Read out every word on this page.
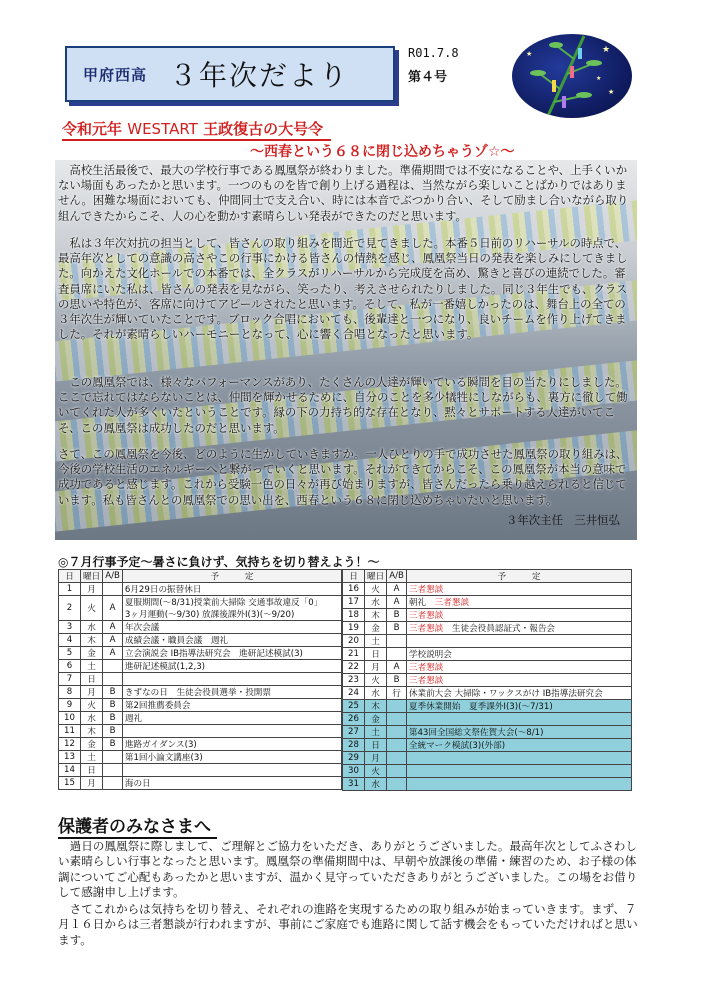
甲府西高 ３年次だより
R01.7.8
第４号
★
★
★
★
令和元年 WESTART 王政復古の大号令
～西春という６８に閉じ込めちゃうゾ☆～
　高校生活最後で、最大の学校行事である鳳凰祭が終わりました。準備期間では不安になることや、上手くいかない場面もあったかと思います。一つのものを皆で創り上げる過程は、当然ながら楽しいことばかりではありません。困難な場面においても、仲間同士で支え合い、時には本音でぶつかり合い、そして励まし合いながら取り組んできたからこそ、人の心を動かす素晴らしい発表ができたのだと思います。
　私は３年次対抗の担当として、皆さんの取り組みを間近で見てきました。本番５日前のリハーサルの時点で、最高年次としての意識の高さやこの行事にかける皆さんの情熱を感じ、鳳凰祭当日の発表を楽しみにしてきました。向かえた文化ホールでの本番では、全クラスがリハーサルから完成度を高め、驚きと喜びの連続でした。審査員席にいた私は、皆さんの発表を見ながら、笑ったり、考えさせられたりしました。同じ３年生でも、クラスの思いや特色が、客席に向けてアピールされたと思います。そして、私が一番嬉しかったのは、舞台上の全ての３年次生が輝いていたことです。ブロック合唱においても、後輩達と一つになり、良いチームを作り上げてきました。それが素晴らしいハーモニーとなって、心に響く合唱となったと思います。
　この鳳凰祭では、様々なパフォーマンスがあり、たくさんの人達が輝いている瞬間を目の当たりにしました。ここで忘れてはならないことは、仲間を輝かせるために、自分のことを多少犠牲にしながらも、裏方に徹して働いてくれた人が多くいたということです。縁の下の力持ち的な存在となり、黙々とサポートする人達がいてこそ、この鳳凰祭は成功したのだと思います。
さて、この鳳凰祭を今後、どのように生かしていきますか。一人ひとりの手で成功させた鳳凰祭の取り組みは、今後の学校生活のエネルギーへと繋がっていくと思います。それができてからこそ、この鳳凰祭が本当の意味で成功であると感じます。これから受験一色の日々が再び始まりますが、皆さんだったら乗り越えられると信じています。私も皆さんとの鳳凰祭での思い出を、西春という６８に閉じ込めちゃいたいと思います。
３年次主任　三井恒弘
◎７月行事予定～暑さに負けず、気持ちを切り替えよう！～
日	曜日	A/B	予　　　定
1	月		6月29日の振替休日
2	火	A	夏服期間(～8/31)授業前大掃除 交通事故違反「0」
3ヶ月運動(～9/30) 放課後課外Ⅰ(3)(～9/20)
3	水	A	年次会議
4	木	A	成績会議・職員会議　週礼
5	金	A	立会演説会 IB指導法研究会　進研記述模試(3)
6	土		進研記述模試(1,2,3)
7	日		
8	月	B	きずなの日　生徒会役員選挙・投開票
9	火	B	第2回推薦委員会
10	水	B	週礼
11	木	B	
12	金	B	進路ガイダンス(3)
13	土		第1回小論文講座(3)
14	日		
15	月		海の日
日	曜日	A/B	予　　　定
16	火	A	三者懇談
17	水	A	朝礼　三者懇談
18	木	B	三者懇談
19	金	B	三者懇談　 生徒会役員認証式・報告会
20	土		
21	日		学校説明会
22	月	A	三者懇談
23	火	B	三者懇談
24	水	行	休業前大会 大掃除・ワックスがけ IB指導法研究会
25	木		夏季休業開始　夏季課外Ⅰ(3)(～7/31)
26	金		
27	土		第43回全国総文祭佐賀大会(～8/1)
28	日		全統マーク模試(3)(外部)
29	月		
30	火		
31	水		
保護者のみなさまへ
　過日の鳳凰祭に際しまして、ご理解とご協力をいただき、ありがとうございました。最高年次としてふさわしい素晴らしい行事となったと思います。鳳凰祭の準備期間中は、早朝や放課後の準備・練習のため、お子様の体調についてご心配もあったかと思いますが、温かく見守っていただきありがとうございました。この場をお借りして感謝申し上げます。
　さてこれからは気持ちを切り替え、それぞれの進路を実現するための取り組みが始まっていきます。まず、７月１６日からは三者懇談が行われますが、事前にご家庭でも進路に関して話す機会をもっていただければと思います。
